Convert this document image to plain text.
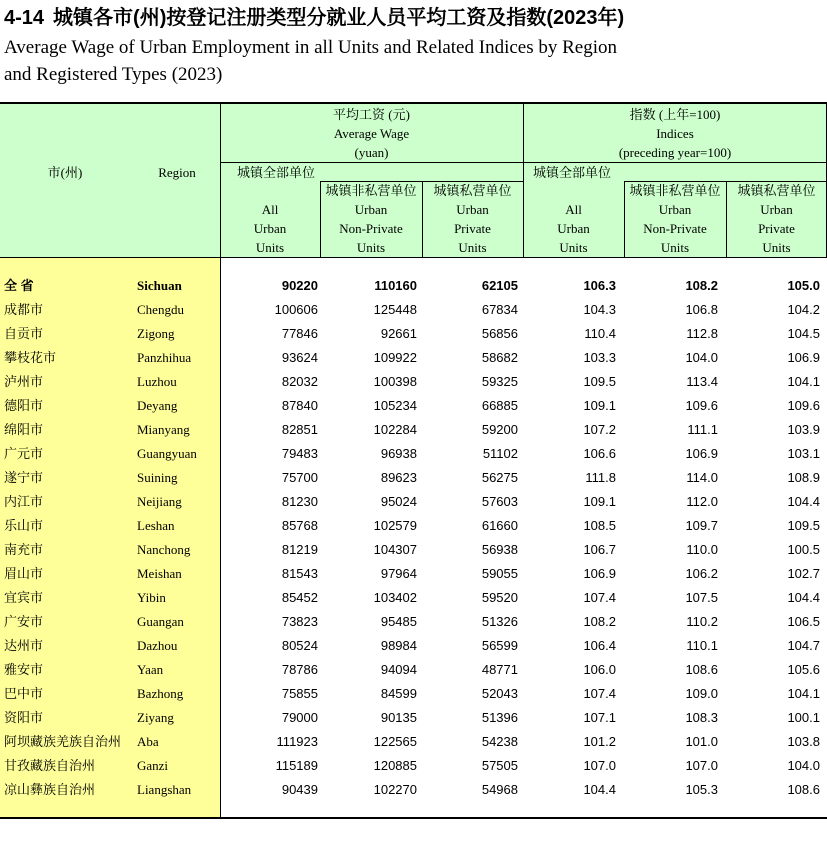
4-14 城镇各市(州)按登记注册类型分就业人员平均工资及指数(2023年)
Average Wage of Urban Employment in all Units and Related Indices by Region
and Registered Types (2023)
市(州)	Region
平均工资 (元)
Average Wage
(yuan)
指数 (上年=100)
Indices
(preceding year=100)
城镇全部单位	城镇全部单位
All
Urban
Units
城镇非私营单位
Urban
Non-Private
Units
城镇私营单位
Urban
Private
Units
All
Urban
Units
城镇非私营单位
Urban
Non-Private
Units
城镇私营单位
Urban
Private
Units
全 省	Sichuan	90220	110160	62105	106.3	108.2	105.0
成都市	Chengdu	100606	125448	67834	104.3	106.8	104.2
自贡市	Zigong	77846	92661	56856	110.4	112.8	104.5
攀枝花市	Panzhihua	93624	109922	58682	103.3	104.0	106.9
泸州市	Luzhou	82032	100398	59325	109.5	113.4	104.1
德阳市	Deyang	87840	105234	66885	109.1	109.6	109.6
绵阳市	Mianyang	82851	102284	59200	107.2	111.1	103.9
广元市	Guangyuan	79483	96938	51102	106.6	106.9	103.1
遂宁市	Suining	75700	89623	56275	111.8	114.0	108.9
内江市	Neijiang	81230	95024	57603	109.1	112.0	104.4
乐山市	Leshan	85768	102579	61660	108.5	109.7	109.5
南充市	Nanchong	81219	104307	56938	106.7	110.0	100.5
眉山市	Meishan	81543	97964	59055	106.9	106.2	102.7
宜宾市	Yibin	85452	103402	59520	107.4	107.5	104.4
广安市	Guangan	73823	95485	51326	108.2	110.2	106.5
达州市	Dazhou	80524	98984	56599	106.4	110.1	104.7
雅安市	Yaan	78786	94094	48771	106.0	108.6	105.6
巴中市	Bazhong	75855	84599	52043	107.4	109.0	104.1
资阳市	Ziyang	79000	90135	51396	107.1	108.3	100.1
阿坝藏族羌族自治州 Aba	111923	122565	54238	101.2	101.0	103.8
甘孜藏族自治州	Ganzi	115189	120885	57505	107.0	107.0	104.0
凉山彝族自治州	Liangshan	90439	102270	54968	104.4	105.3	108.6
